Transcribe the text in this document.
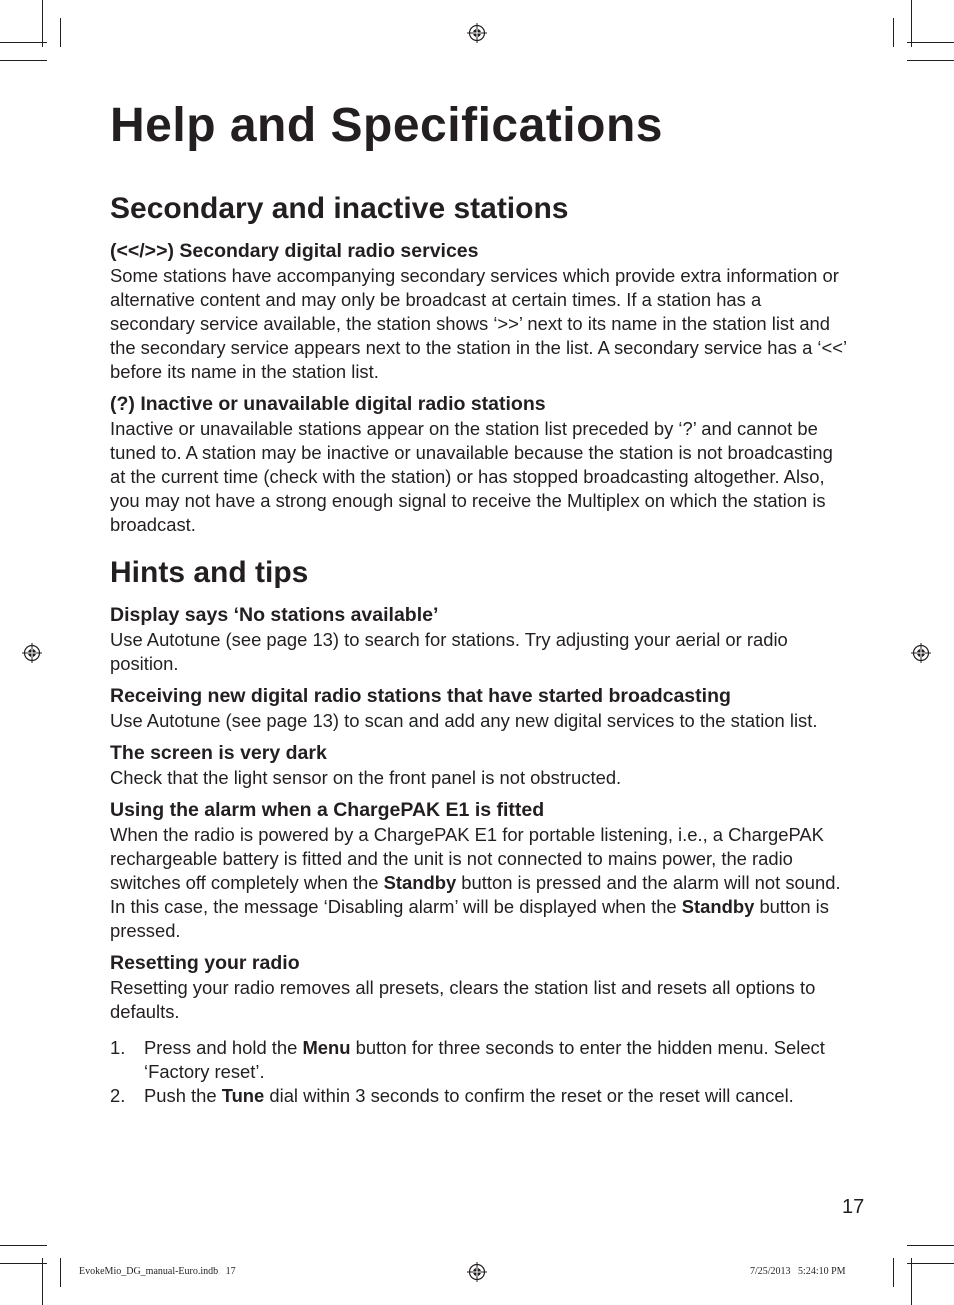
Help and Specifications
Secondary and inactive stations
(<</>>) Secondary digital radio services

Some stations have accompanying secondary services which provide extra information or alternative content and may only be broadcast at certain times. If a station has a secondary service available, the station shows ‘>>’ next to its name in the station list and the secondary service appears next to the station in the list. A secondary service has a ‘<<’ before its name in the station list.

(?) Inactive or unavailable digital radio stations

Inactive or unavailable stations appear on the station list preceded by ‘?’ and cannot be tuned to. A station may be inactive or unavailable because the station is not broadcasting at the current time (check with the station) or has stopped broadcasting altogether. Also, you may not have a strong enough signal to receive the Multiplex on which the station is broadcast.

Hints and tips
Display says ‘No stations available’

Use Autotune (see page 13) to search for stations. Try adjusting your aerial or radio position.

Receiving new digital radio stations that have started broadcasting

Use Autotune (see page 13) to scan and add any new digital services to the station list.

The screen is very dark

Check that the light sensor on the front panel is not obstructed.

Using the alarm when a ChargePAK E1 is fitted

When the radio is powered by a ChargePAK E1 for portable listening, i.e., a ChargePAK rechargeable battery is fitted and the unit is not connected to mains power, the radio switches off completely when the Standby button is pressed and the alarm will not sound. In this case, the message ‘Disabling alarm’ will be displayed when the Standby button is pressed.

Resetting your radio

Resetting your radio removes all presets, clears the station list and resets all options to defaults.

1. Press and hold the Menu button for three seconds to enter the hidden menu. Select ‘Factory reset’.
2. Push the Tune dial within 3 seconds to confirm the reset or the reset will cancel.
17
EvokeMio_DG_manual-Euro.indb   17	7/25/2013   5:24:10 PM
